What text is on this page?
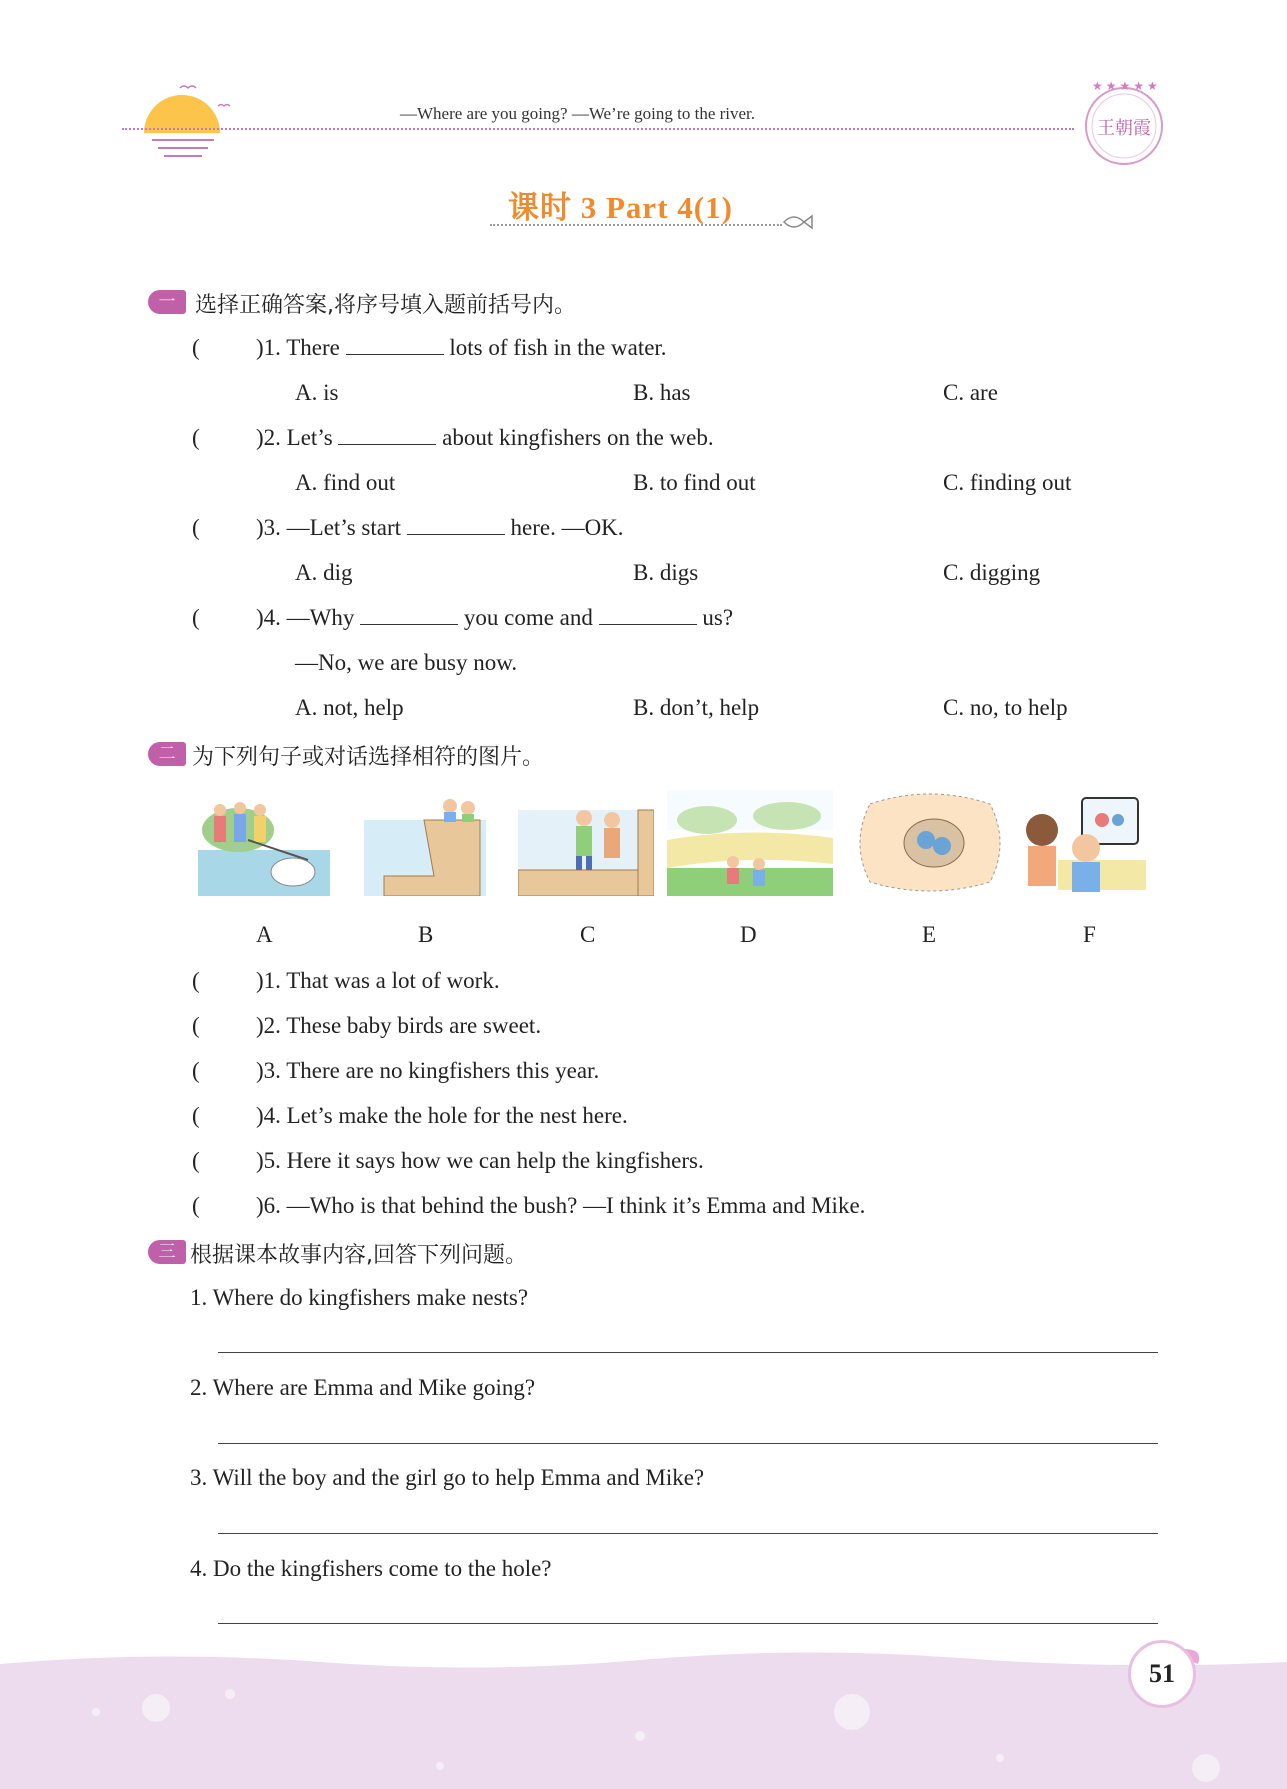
—Where are you going? —We’re going to the river.
★ ★ ★ ★ ★
王朝霞
课时 3 Part 4(1)
一 选择正确答案,将序号填入题前括号内。
( )1. There	lots of fish in the water.
A. is	B. has	C. are
( )2. Let’s	about kingfishers on the web.
A. find out	B. to find out	C. finding out
( )3. —Let’s start	here. —OK.
A. dig	B. digs	C. digging
( )4. —Why	you come and	us?
—No, we are busy now.
A. not, help	B. don’t, help	C. no, to help
二 为下列句子或对话选择相符的图片。
A	B	C	D	E	F
( )1. That was a lot of work.
( )2. These baby birds are sweet.
( )3. There are no kingfishers this year.
( )4. Let’s make the hole for the nest here.
( )5. Here it says how we can help the kingfishers.
( )6. —Who is that behind the bush? —I think it’s Emma and Mike.
三 根据课本故事内容,回答下列问题。
1. Where do kingfishers make nests?
2. Where are Emma and Mike going?
3. Will the boy and the girl go to help Emma and Mike?
4. Do the kingfishers come to the hole?
51
